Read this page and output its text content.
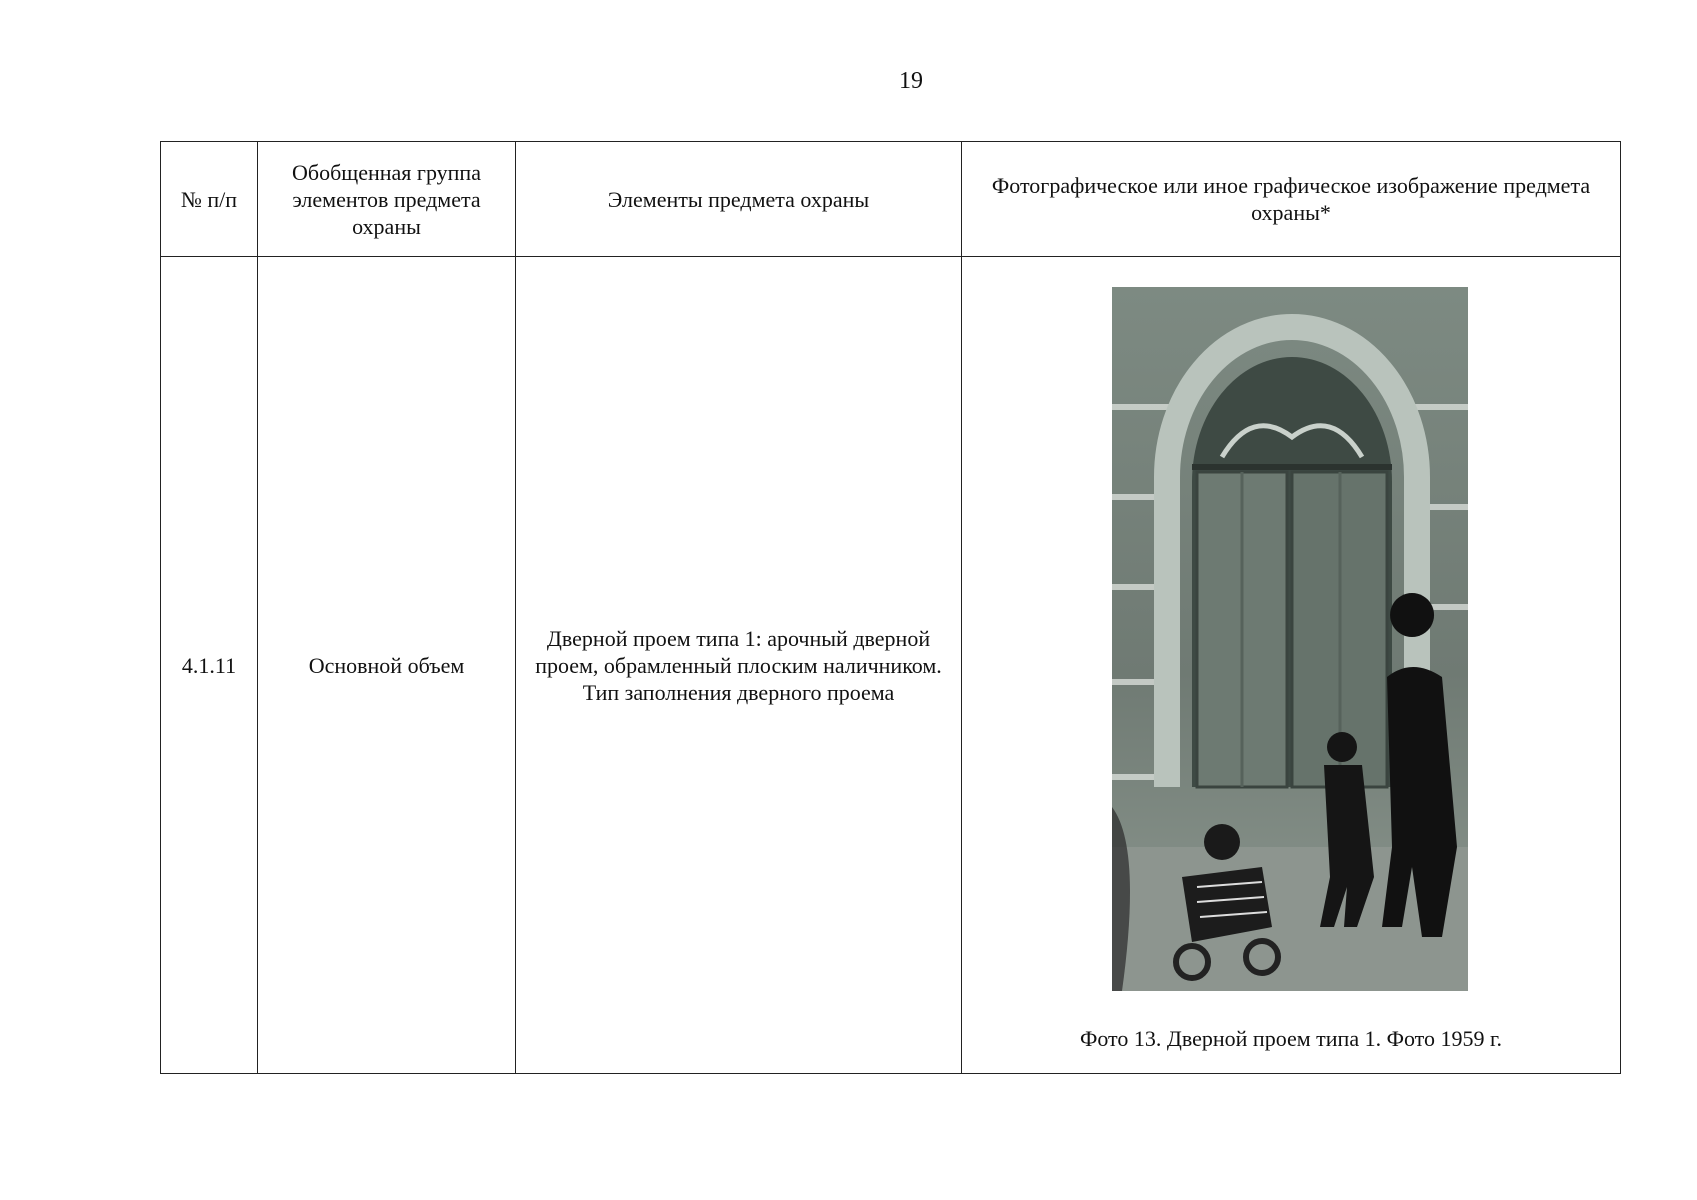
19
№ п/п	Обобщенная группа элементов предмета охраны	Элементы предмета охраны	Фотографическое или иное графическое изображение предмета охраны*
4.1.11	Основной объем	Дверной проем типа 1: арочный дверной проем, обрамленный плоским наличником. Тип заполнения дверного проема	Фото 13. Дверной проем типа 1. Фото 1959 г.
